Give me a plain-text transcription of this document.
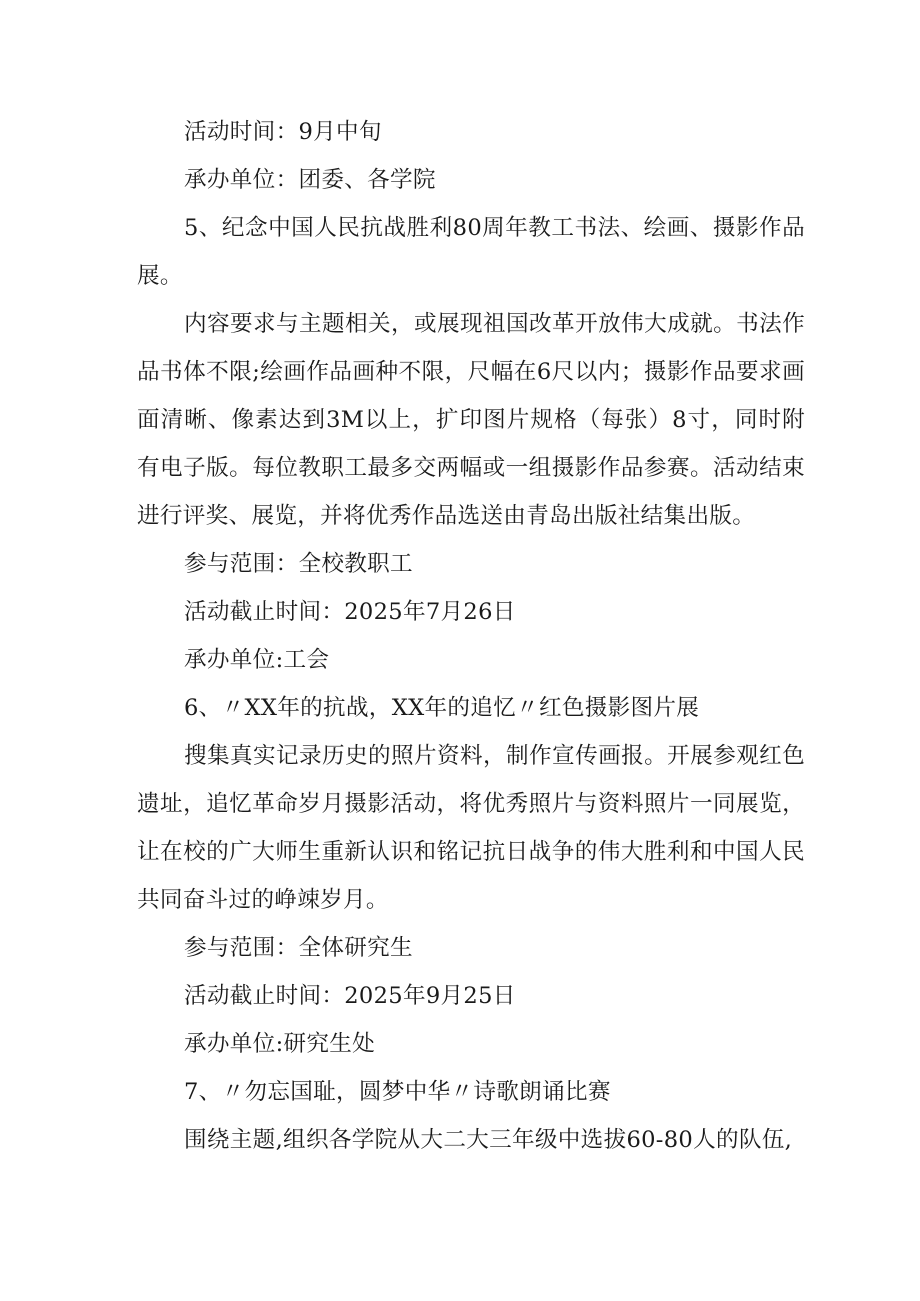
活动时间：9月中旬

承办单位：团委、各学院

5、纪念中国人民抗战胜利80周年教工书法、绘画、摄影作品展。

内容要求与主题相关，或展现祖国改革开放伟大成就。书法作品书体不限;绘画作品画种不限，尺幅在6尺以内；摄影作品要求画面清晰、像素达到3M以上，扩印图片规格（每张）8寸，同时附有电子版。每位教职工最多交两幅或一组摄影作品参赛。活动结束进行评奖、展览，并将优秀作品选送由青岛出版社结集出版。

参与范围：全校教职工

活动截止时间：2025年7月26日

承办单位:工会

6、〃XX年的抗战，XX年的追忆〃红色摄影图片展

搜集真实记录历史的照片资料，制作宣传画报。开展参观红色遗址，追忆革命岁月摄影活动，将优秀照片与资料照片一同展览，让在校的广大师生重新认识和铭记抗日战争的伟大胜利和中国人民共同奋斗过的峥竦岁月。

参与范围：全体研究生

活动截止时间：2025年9月25日

承办单位:研究生处

7、〃勿忘国耻，圆梦中华〃诗歌朗诵比赛

围绕主题,组织各学院从大二大三年级中选拔60-80人的队伍,
